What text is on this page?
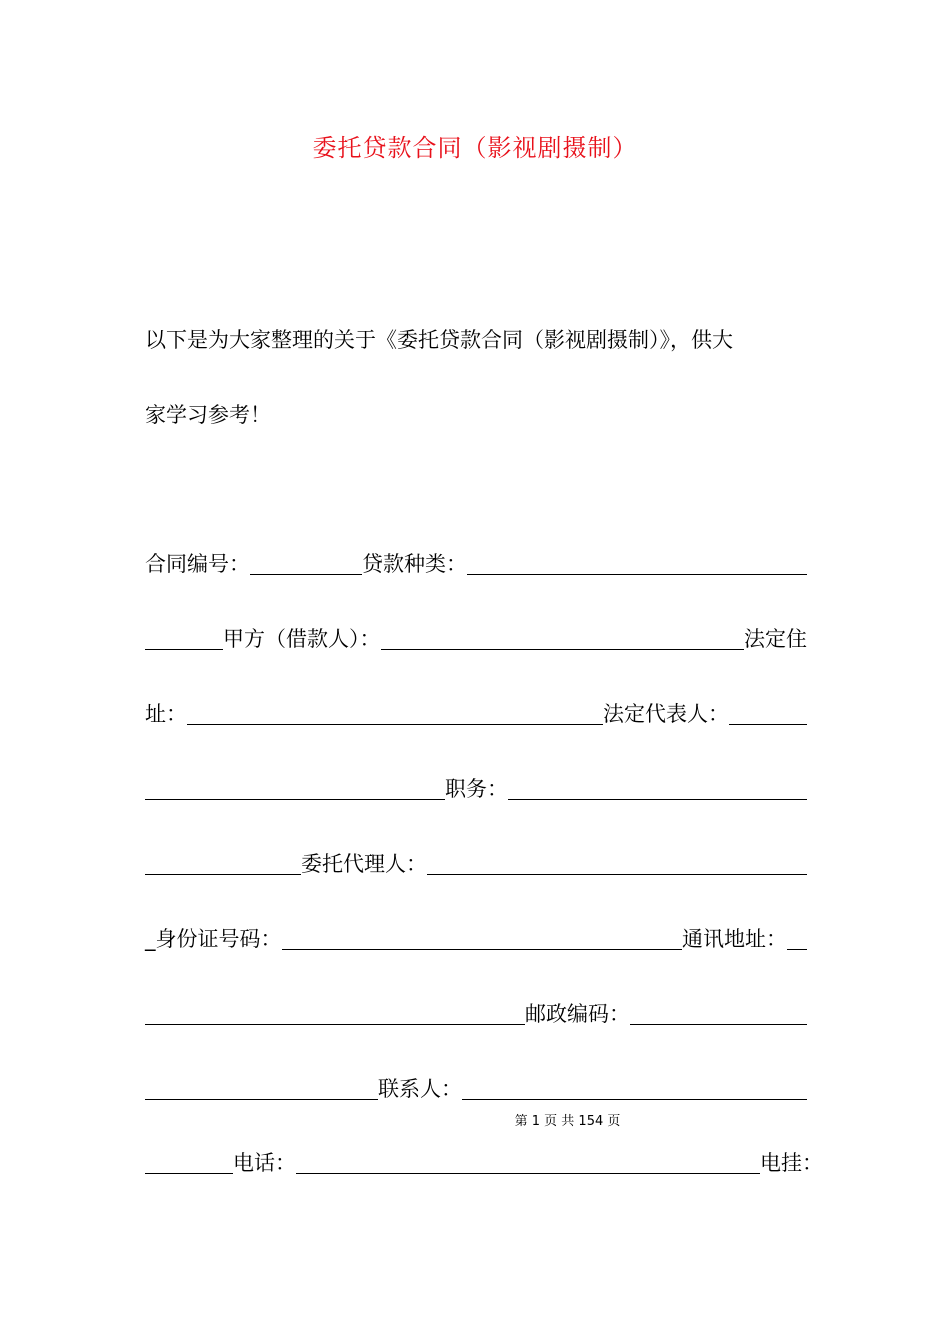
委托贷款合同（影视剧摄制）
以下是为大家整理的关于《委托贷款合同（影视剧摄制）》，供大
家学习参考！
合同编号：	贷款种类：
甲方（借款人）：	法定住
址：	法定代表人：
职务：
委托代理人：
_ 身份证号码：	通讯地址：
邮政编码：
联系人：
第 1 页 共 154 页
电话：	电挂：
